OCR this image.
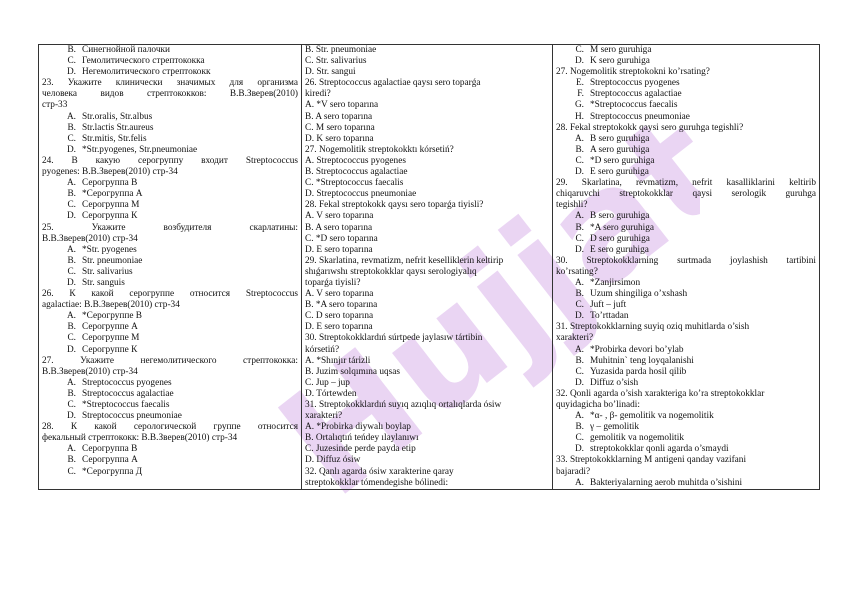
Hujjat
B. Синегнойной палочки
C. Гемолитического стрептококка
D. Негемолитического стрептококк
23. Укажите клинически значимых для организма
человека видов стрептококков: В.В.Зверев(2010)
стр-33
A. Str.oralis, Str.albus
B. Str.lactis Str.aureus
C. Str.mitis, Str.felis
D. *Str.pyogenes, Str.pneumoniae
24. В какую серогруппу входит Streptococcus
pyogenes: В.В.Зверев(2010) стр-34
A. Серогруппа В
B. *Серогруппа А
C. Серогруппа М
D. Серогруппа К
25. Укажите возбудителя скарлатины:
В.В.Зверев(2010) стр-34
A. *Str. pyogenes
B. Str. pneumoniae
C. Str. salivarius
D. Str. sanguis
26. К какой серогруппе относится Streptococcus
agalactiae: В.В.Зверев(2010) стр-34
A. *Серогруппе В
B. Серогруппе А
C. Серогруппе М
D. Серогруппе К
27. Укажите негемолитического стрептококка:
В.В.Зверев(2010) стр-34
A. Streptococcus pyogenes
B. Streptococcus agalactiae
C. *Streptococcus faecalis
D. Streptococcus pneumoniae
28. К какой серологической группе относится
фекальный стрептококк: В.В.Зверев(2010) стр-34
A. Серогруппа В
B. Серогруппа А
C. *Серогруппа Д

B. Str. pneumoniae
C. Str. salivarius
D. Str. sangui
26. Streptococcus agalactiae qaysı sero toparǵa
kiredi?
A. *V sero toparına
B. A sero toparına
C. M sero toparına
D. K sero toparına
27. Nogemolitik streptokokktı kórsetiń?
A. Streptococcus pyogenes
B. Streptococcus agalactiae
C. *Streptococcus faecalis
D. Streptococcus pneumoniae
28. Fekal streptokokk qaysı sero toparǵa tiyisli?
A. V sero toparına
B. A sero toparına
C. *D sero toparına
D. E sero toparına
29. Skarlatina, revmatizm, nefrit keselliklerin keltirip
shıǵarıwshı streptokokklar qaysı serologiyalıq
toparǵa tiyisli?
A. V sero toparına
B. *A sero toparına
C. D sero toparına
D. E sero toparına
30. Streptokokklardıń súrtpede jaylasıw tártibin
kórsetiń?
A. *Shınjır tárizli
B. Juzim solqımına uqsas
C. Jup – jup
D. Tórtewden
31. Streptokokklardıń suyıq azıqlıq ortalıqlarda ósiw
xarakteri?
A. *Probirka diywalı boylap
B. Ortalıqtıń teńdey ılaylanıwı
C. Juzesinde perde payda etip
D. Diffuz ósiw
32. Qanlı agarda ósiw xarakterine qaray
streptokokklar tómendegishe bólinedi:

C. M sero guruhiga
D. K sero guruhiga
27. Nogemolitik streptokokni ko’rsating?
E. Streptococcus pyogenes
F. Streptococcus agalactiae
G. *Streptococcus faecalis
H. Streptococcus pneumoniae
28. Fekal streptokokk qaysi sero guruhga tegishli?
A. B sero guruhiga
B. A sero guruhiga
C. *D sero guruhiga
D. E sero guruhiga
29. Skarlatina, revmatizm, nefrit kasalliklarini keltirib
chiqaruvchi streptokokklar qaysi serologik guruhga
tegishli?
A. B sero guruhiga
B. *A sero guruhiga
C. D sero guruhiga
D. E sero guruhiga
30. Streptokokklarning surtmada joylashish tartibini
ko’rsating?
A. *Zanjirsimon
B. Uzum shingiliga o’xshash
C. Juft – juft
D. To’rttadan
31. Streptokokklarning suyiq oziq muhitlarda o’sish
xarakteri?
A. *Probirka devori bo’ylab
B. Muhitnin` teng loyqalanishi
C. Yuzasida parda hosil qilib
D. Diffuz o’sish
32. Qonli agarda o’sish xarakteriga ko’ra streptokokklar
quyidagicha bo’linadi:
A. *α- , β- gemolitik va nogemolitik
B. γ – gemolitik
C. gemolitik va nogemolitik
D. streptokokklar qonli agarda o’smaydi
33. Streptokokklarning M antigeni qanday vazifani
bajaradi?
A. Bakteriyalarning aerob muhitda o’sishini
